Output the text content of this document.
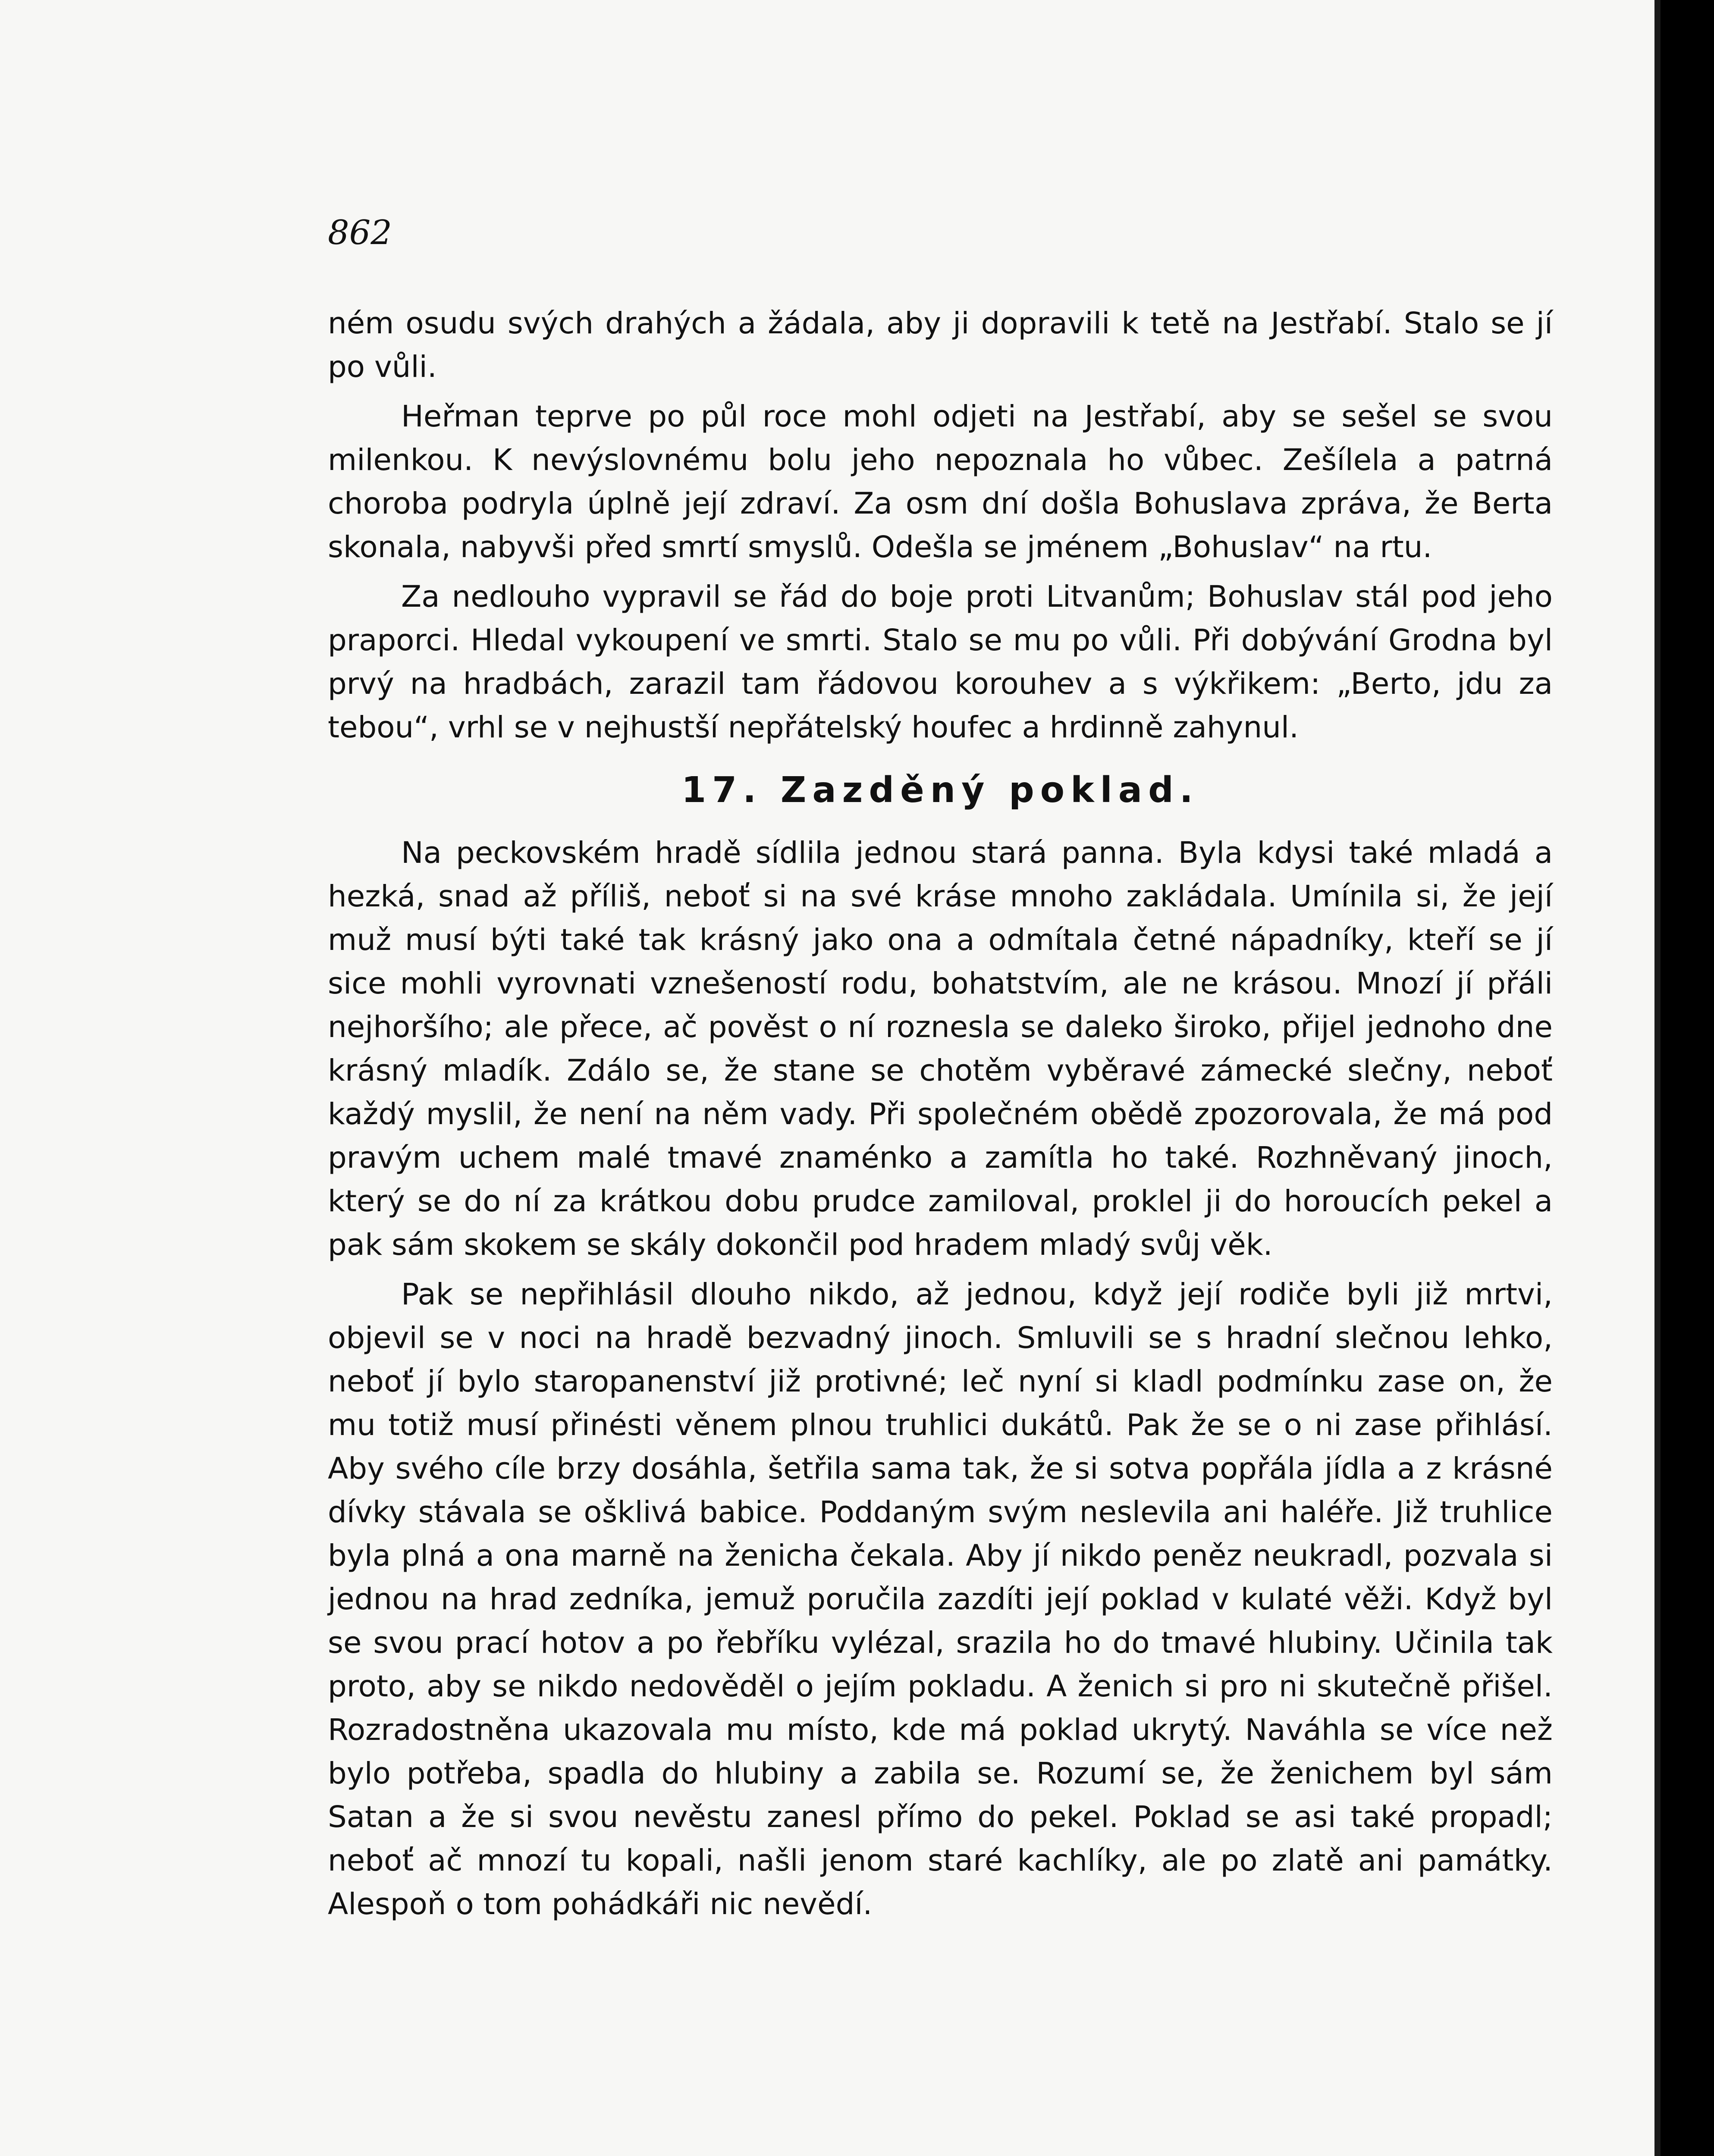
862

ném osudu svých drahých a žádala, aby ji dopravili k tetě na Jestřabí. Stalo se jí po vůli.

Heřman teprve po půl roce mohl odjeti na Jestřabí, aby se sešel se svou milenkou. K nevýslovnému bolu jeho nepoznala ho vůbec. Zešílela a patrná choroba podryla úplně její zdraví. Za osm dní došla Bohuslava zpráva, že Berta skonala, nabyvši před smrtí smyslů. Odešla se jménem „Bohuslav“ na rtu.

Za nedlouho vypravil se řád do boje proti Litvanům; Bohuslav stál pod jeho praporci. Hledal vykoupení ve smrti. Stalo se mu po vůli. Při dobývání Grodna byl prvý na hradbách, zarazil tam řádovou korouhev a s výkřikem: „Berto, jdu za tebou“, vrhl se v nejhustší nepřátelský houfec a hrdinně zahynul.

17. Zazděný poklad.

Na peckovském hradě sídlila jednou stará panna. Byla kdysi také mladá a hezká, snad až příliš, neboť si na své kráse mnoho zakládala. Umínila si, že její muž musí býti také tak krásný jako ona a odmítala četné nápadníky, kteří se jí sice mohli vyrovnati vznešeností rodu, bohatstvím, ale ne krásou. Mnozí jí přáli nejhoršího; ale přece, ač pověst o ní roznesla se daleko široko, přijel jednoho dne krásný mladík. Zdálo se, že stane se chotěm vyběravé zámecké slečny, neboť každý myslil, že není na něm vady. Při společném obědě zpozorovala, že má pod pravým uchem malé tmavé znaménko a zamítla ho také. Rozhněvaný jinoch, který se do ní za krátkou dobu prudce zamiloval, proklel ji do horoucích pekel a pak sám skokem se skály dokončil pod hradem mladý svůj věk.

Pak se nepřihlásil dlouho nikdo, až jednou, když její rodiče byli již mrtvi, objevil se v noci na hradě bezvadný jinoch. Smluvili se s hradní slečnou lehko, neboť jí bylo staropanenství již protivné; leč nyní si kladl podmínku zase on, že mu totiž musí přinésti věnem plnou truhlici dukátů. Pak že se o ni zase přihlásí. Aby svého cíle brzy dosáhla, šetřila sama tak, že si sotva popřála jídla a z krásné dívky stávala se ošklivá babice. Poddaným svým neslevila ani haléře. Již truhlice byla plná a ona marně na ženicha čekala. Aby jí nikdo peněz neukradl, pozvala si jednou na hrad zedníka, jemuž poručila zazdíti její poklad v kulaté věži. Když byl se svou prací hotov a po řebříku vylézal, srazila ho do tmavé hlubiny. Učinila tak proto, aby se nikdo nedověděl o jejím pokladu. A ženich si pro ni skutečně přišel. Rozradostněna ukazovala mu místo, kde má poklad ukrytý. Naváhla se více než bylo potřeba, spadla do hlubiny a zabila se. Rozumí se, že ženichem byl sám Satan a že si svou nevěstu zanesl přímo do pekel. Poklad se asi také propadl; neboť ač mnozí tu kopali, našli jenom staré kachlíky, ale po zlatě ani památky. Alespoň o tom pohádkáři nic nevědí.
